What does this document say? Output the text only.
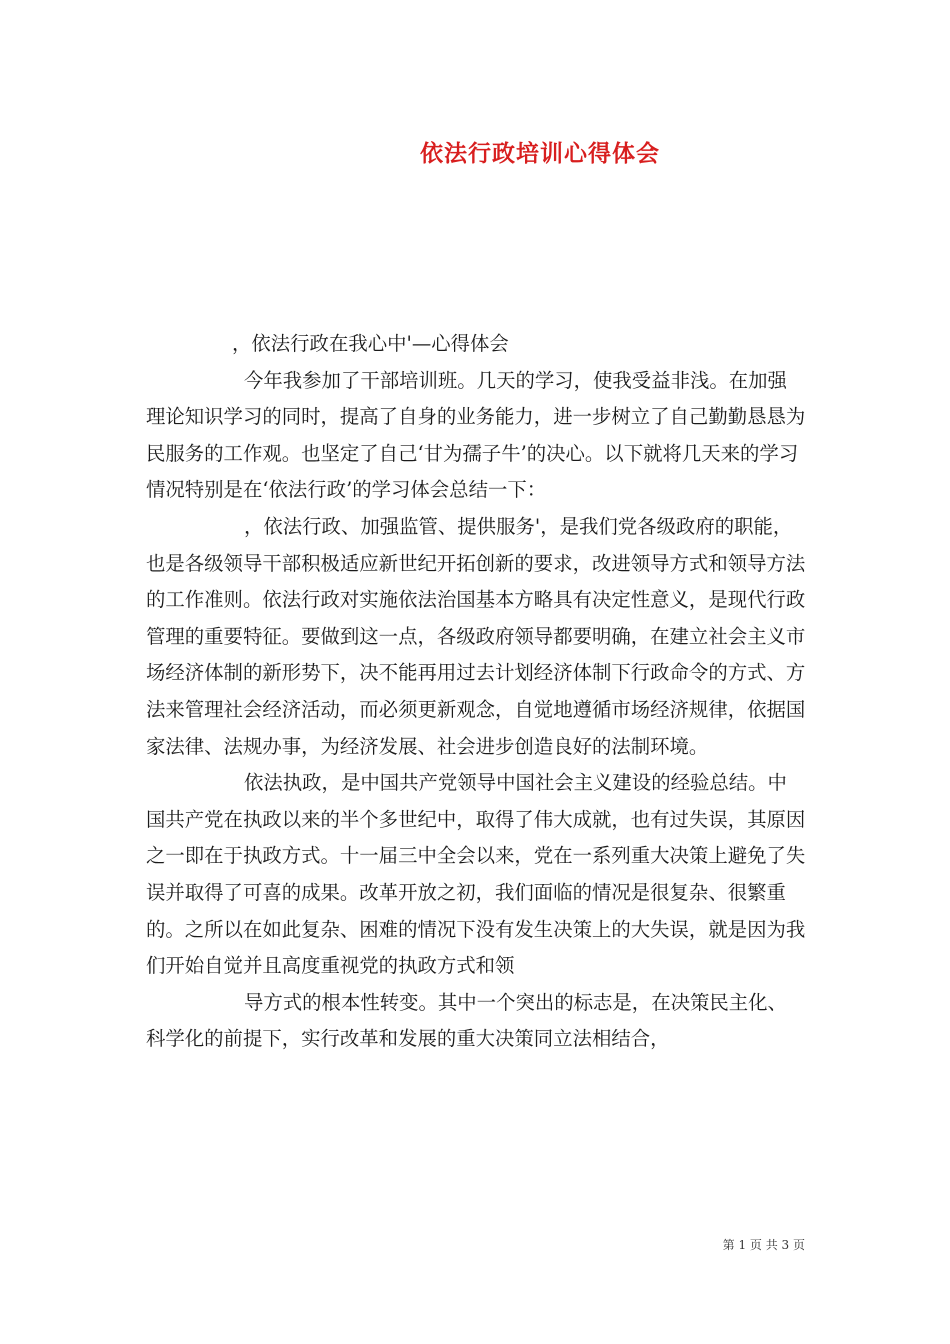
依法行政培训心得体会

，依法行政在我心中'—心得体会

今年我参加了干部培训班。几天的学习，使我受益非浅。在加强理论知识学习的同时，提高了自身的业务能力，进一步树立了自己勤勤恳恳为民服务的工作观。也坚定了自己‘甘为孺子牛’的决心。以下就将几天来的学习情况特别是在‘依法行政’的学习体会总结一下：

，依法行政、加强监管、提供服务'，是我们党各级政府的职能，也是各级领导干部积极适应新世纪开拓创新的要求，改进领导方式和领导方法的工作准则。依法行政对实施依法治国基本方略具有决定性意义，是现代行政管理的重要特征。要做到这一点，各级政府领导都要明确，在建立社会主义市场经济体制的新形势下，决不能再用过去计划经济体制下行政命令的方式、方法来管理社会经济活动，而必须更新观念，自觉地遵循市场经济规律，依据国家法律、法规办事，为经济发展、社会进步创造良好的法制环境。

依法执政，是中国共产党领导中国社会主义建设的经验总结。中国共产党在执政以来的半个多世纪中，取得了伟大成就，也有过失误，其原因之一即在于执政方式。十一届三中全会以来，党在一系列重大决策上避免了失误并取得了可喜的成果。改革开放之初，我们面临的情况是很复杂、很繁重的。之所以在如此复杂、困难的情况下没有发生决策上的大失误，就是因为我们开始自觉并且高度重视党的执政方式和领

导方式的根本性转变。其中一个突出的标志是，在决策民主化、科学化的前提下，实行改革和发展的重大决策同立法相结合，

第 1 页 共 3 页
